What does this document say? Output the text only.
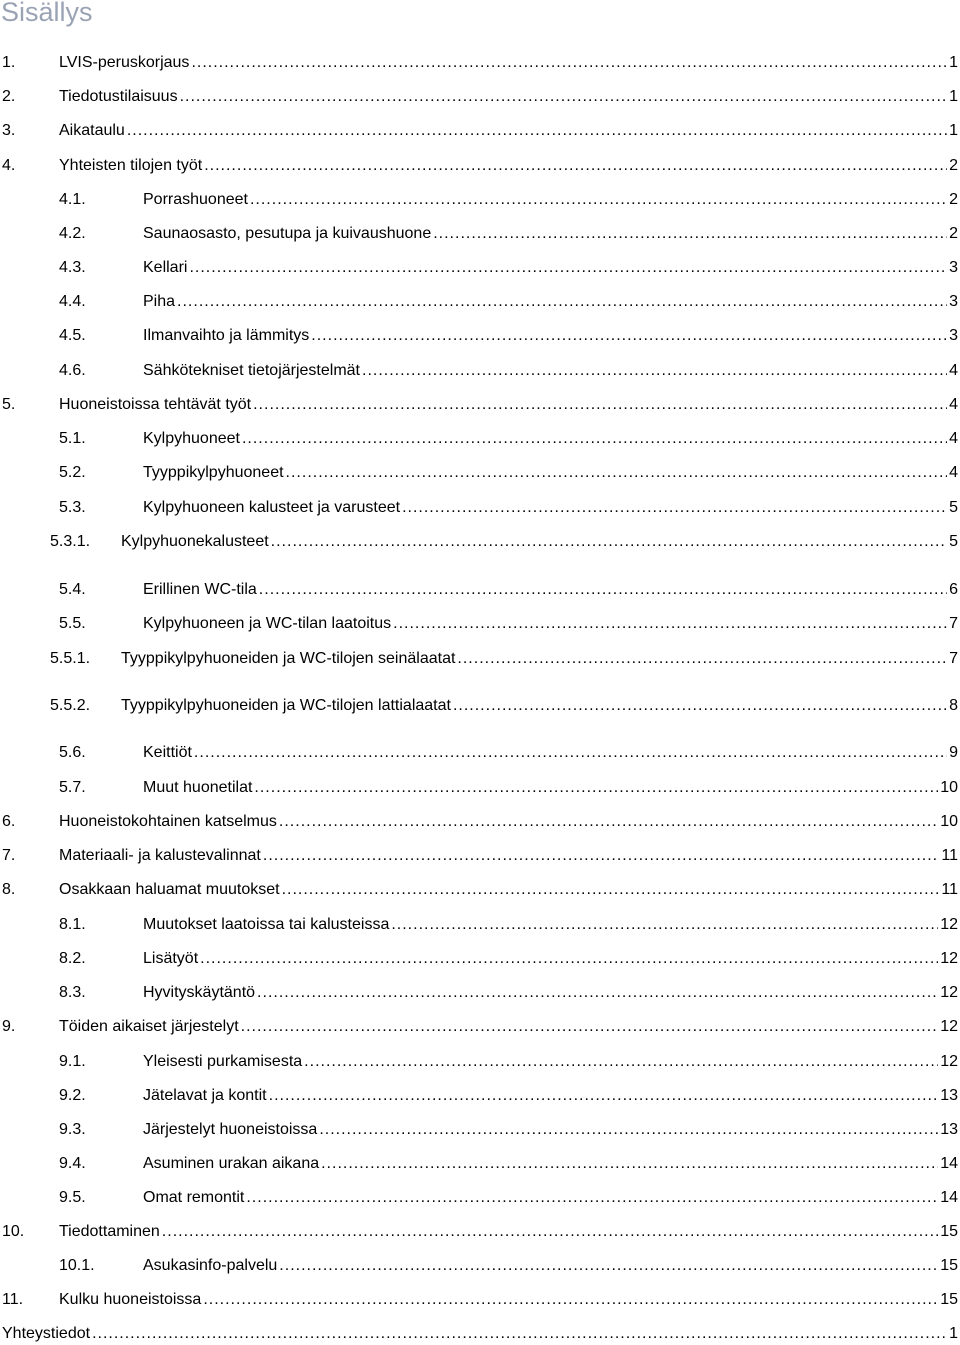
Sisällys
1.	LVIS-peruskorjaus .....	1
2.	Tiedotustilaisuus .....	1
3.	Aikataulu .....	1
4.	Yhteisten tilojen työt .....	2
4.1.	Porrashuoneet .....	2
4.2.	Saunaosasto, pesutupa ja kuivaushuone .....	2
4.3.	Kellari .....	3
4.4.	Piha .....	3
4.5.	Ilmanvaihto ja lämmitys .....	3
4.6.	Sähkötekniset tietojärjestelmät .....	4
5.	Huoneistoissa tehtävät työt .....	4
5.1.	Kylpyhuoneet .....	4
5.2.	Tyyppikylpyhuoneet .....	4
5.3.	Kylpyhuoneen kalusteet ja varusteet .....	5
5.3.1. Kylpyhuonekalusteet .....	5
5.4.	Erillinen WC-tila .....	6
5.5.	Kylpyhuoneen ja WC-tilan laatoitus .....	7
5.5.1. Tyyppikylpyhuoneiden ja WC-tilojen seinälaatat .....	7
5.5.2. Tyyppikylpyhuoneiden ja WC-tilojen lattialaatat .....	8
5.6.	Keittiöt .....	9
5.7.	Muut huonetilat .....	10
6.	Huoneistokohtainen katselmus .....	10
7.	Materiaali- ja kalustevalinnat .....	11
8.	Osakkaan haluamat muutokset .....	11
8.1.	Muutokset laatoissa tai kalusteissa .....	12
8.2.	Lisätyöt .....	12
8.3.	Hyvityskäytäntö .....	12
9.	Töiden aikaiset järjestelyt .....	12
9.1.	Yleisesti purkamisesta .....	12
9.2.	Jätelavat ja kontit .....	13
9.3.	Järjestelyt huoneistoissa .....	13
9.4.	Asuminen urakan aikana .....	14
9.5.	Omat remontit .....	14
10. Tiedottaminen .....	15
10.1.	Asukasinfo-palvelu .....	15
11. Kulku huoneistoissa .....	15
Yhteystiedot .....	1
